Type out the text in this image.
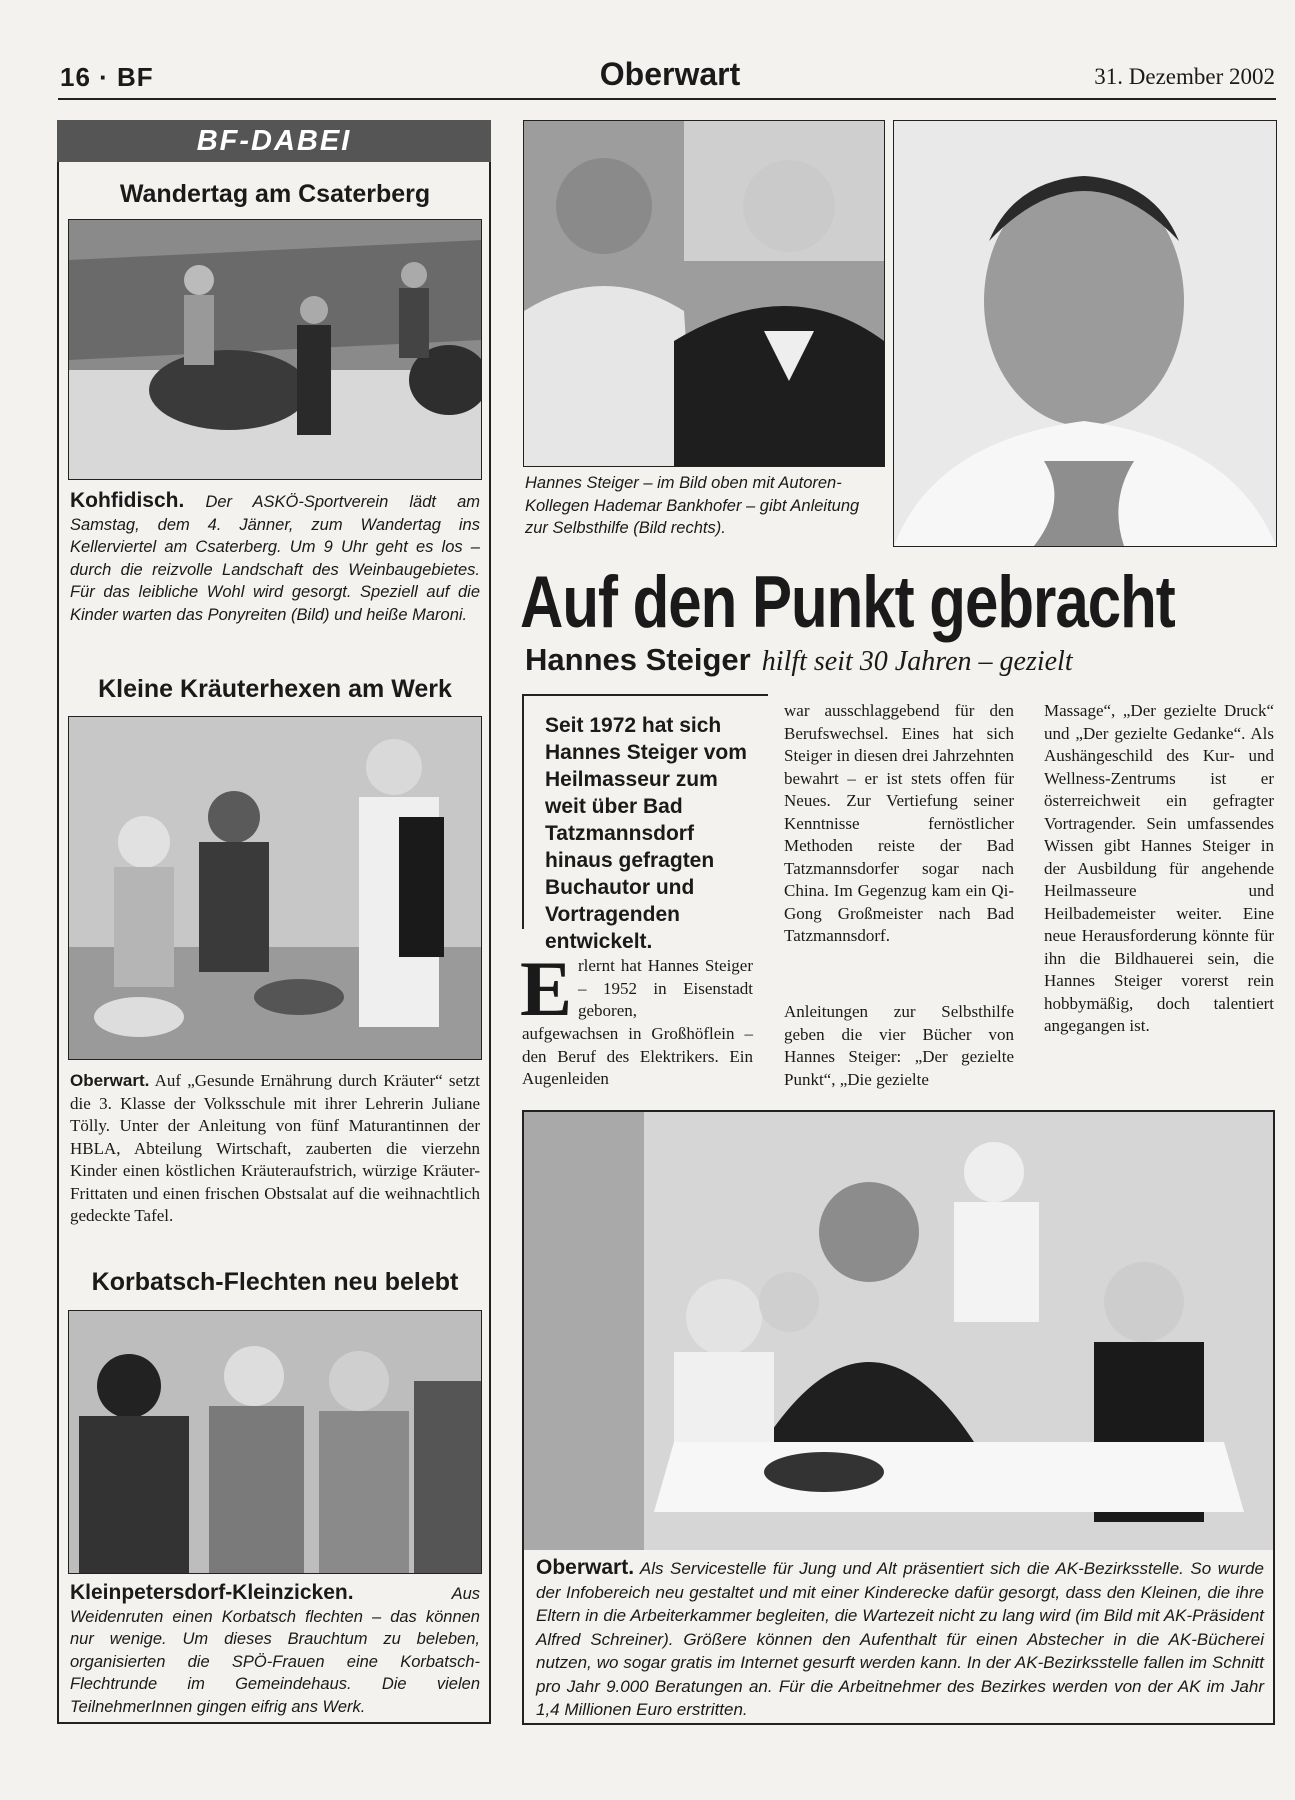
16 · BF	Oberwart	31. Dezember 2002
BF-DABEI
Wandertag am Csaterberg

Kohfidisch. Der ASKÖ-Sportverein lädt am Samstag, dem 4. Jänner, zum Wandertag ins Kellerviertel am Csaterberg. Um 9 Uhr geht es los – durch die reizvolle Landschaft des Weinbaugebietes. Für das leibliche Wohl wird gesorgt. Speziell auf die Kinder warten das Ponyreiten (Bild) und heiße Maroni.

Kleine Kräuterhexen am Werk

Oberwart. Auf „Gesunde Ernährung durch Kräuter“ setzt die 3. Klasse der Volksschule mit ihrer Lehrerin Juliane Tölly. Unter der Anleitung von fünf Maturantinnen der HBLA, Abteilung Wirtschaft, zauberten die vierzehn Kinder einen köstlichen Kräuteraufstrich, würzige Kräuter-Frittaten und einen frischen Obstsalat auf die weihnachtlich gedeckte Tafel.

Korbatsch-Flechten neu belebt

Kleinpetersdorf-Kleinzicken.	Aus Weidenruten einen Korbatsch flechten – das können nur wenige. Um dieses Brauchtum zu beleben, organisierten die SPÖ-Frauen eine Korbatsch-Flechtrunde im Gemeindehaus. Die vielen TeilnehmerInnen gingen eifrig ans Werk.

Hannes Steiger – im Bild oben mit Autoren-Kollegen Hademar Bankhofer – gibt Anleitung zur Selbsthilfe (Bild rechts).

Auf den Punkt gebracht
Hannes Steiger hilft seit 30 Jahren – gezielt

Seit 1972 hat sich Hannes Steiger vom Heilmasseur zum weit über Bad Tatzmannsdorf hinaus gefragten Buchautor und Vortragenden entwickelt.

E rlernt hat Hannes Steiger – 1952 in Eisenstadt geboren,

aufgewachsen in Großhöflein – den Beruf des Elektrikers. Ein Augenleiden

war ausschlaggebend für den Berufswechsel. Eines hat sich Steiger in diesen drei Jahrzehnten bewahrt – er ist stets offen für Neues. Zur Vertiefung seiner Kenntnisse fernöstlicher Methoden reiste der Bad Tatzmannsdorfer sogar nach China. Im Gegenzug kam ein Qi-Gong Großmeister nach Bad Tatzmannsdorf.

Anleitungen zur Selbsthilfe geben die vier Bücher von Hannes Steiger: „Der gezielte Punkt“, „Die gezielte

Massage“, „Der gezielte Druck“ und „Der gezielte Gedanke“. Als Aushängeschild des Kur- und Wellness-Zentrums ist er österreichweit ein gefragter Vortragender. Sein umfassendes Wissen gibt Hannes Steiger in der Ausbildung für angehende Heilmasseure und Heilbademeister weiter. Eine neue Herausforderung könnte für ihn die Bildhauerei sein, die Hannes Steiger vorerst rein hobbymäßig, doch talentiert angegangen ist.

Oberwart. Als Servicestelle für Jung und Alt präsentiert sich die AK-Bezirksstelle. So wurde der Infobereich neu gestaltet und mit einer Kinderecke dafür gesorgt, dass den Kleinen, die ihre Eltern in die Arbeiterkammer begleiten, die Wartezeit nicht zu lang wird (im Bild mit AK-Präsident Alfred Schreiner). Größere können den Aufenthalt für einen Abstecher in die AK-Bücherei nutzen, wo sogar gratis im Internet gesurft werden kann. In der AK-Bezirksstelle fallen im Schnitt pro Jahr 9.000 Beratungen an. Für die Arbeitnehmer des Bezirkes werden von der AK im Jahr 1,4 Millionen Euro erstritten.
